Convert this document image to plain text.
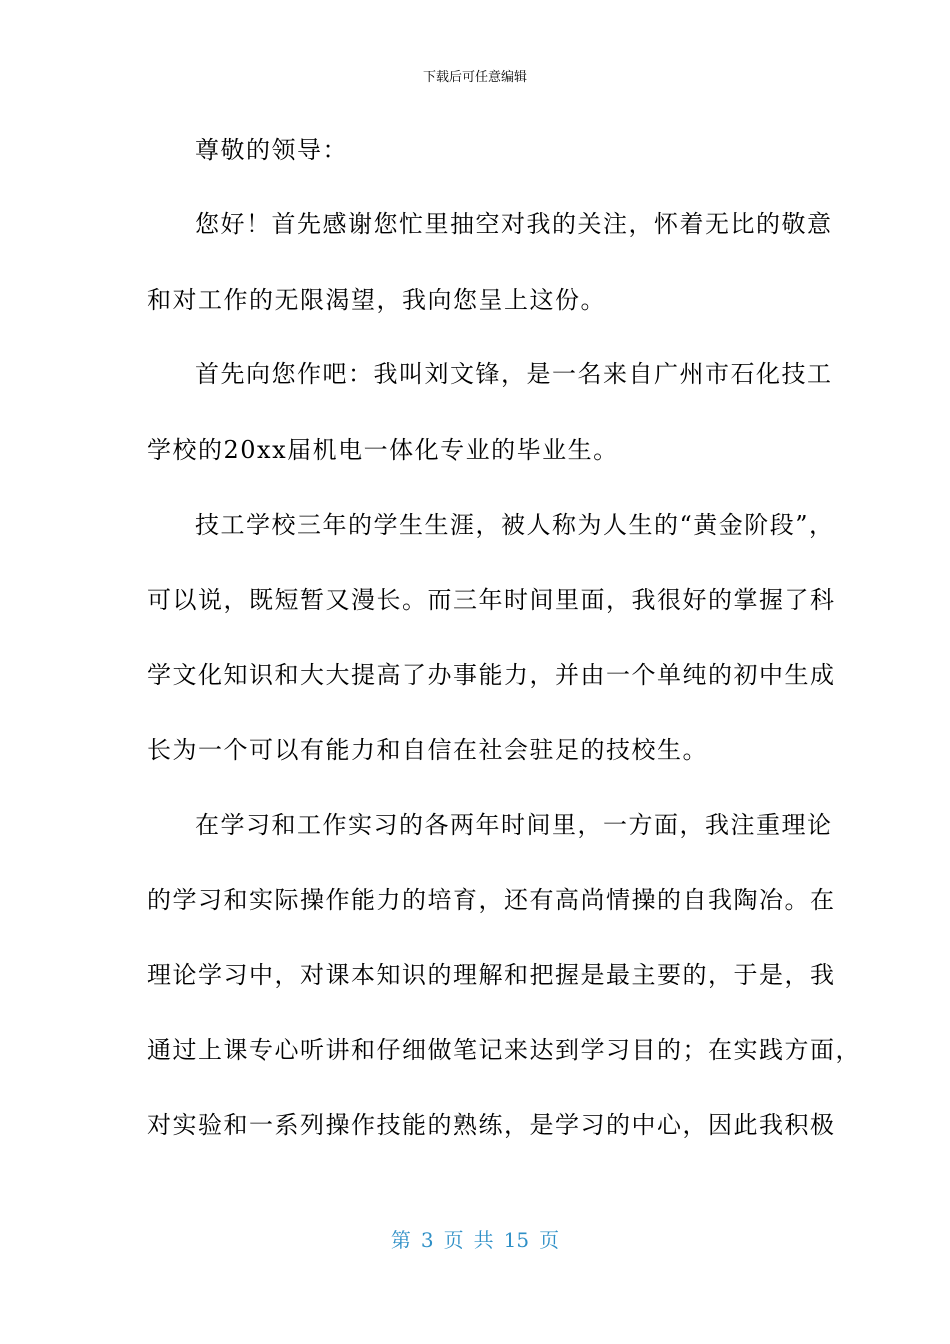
下载后可任意编辑
尊敬的领导：
您好！首先感谢您忙里抽空对我的关注，怀着无比的敬意
和对工作的无限渴望，我向您呈上这份。
首先向您作吧：我叫刘文锋，是一名来自广州市石化技工
学校的20xx届机电一体化专业的毕业生。
技工学校三年的学生生涯，被人称为人生的“黄金阶段”，
可以说，既短暂又漫长。而三年时间里面，我很好的掌握了科
学文化知识和大大提高了办事能力，并由一个单纯的初中生成
长为一个可以有能力和自信在社会驻足的技校生。
在学习和工作实习的各两年时间里，一方面，我注重理论
的学习和实际操作能力的培育，还有高尚情操的自我陶冶。在
理论学习中，对课本知识的理解和把握是最主要的，于是，我
通过上课专心听讲和仔细做笔记来达到学习目的；在实践方面，
对实验和一系列操作技能的熟练，是学习的中心，因此我积极
第 3 页 共 15 页
